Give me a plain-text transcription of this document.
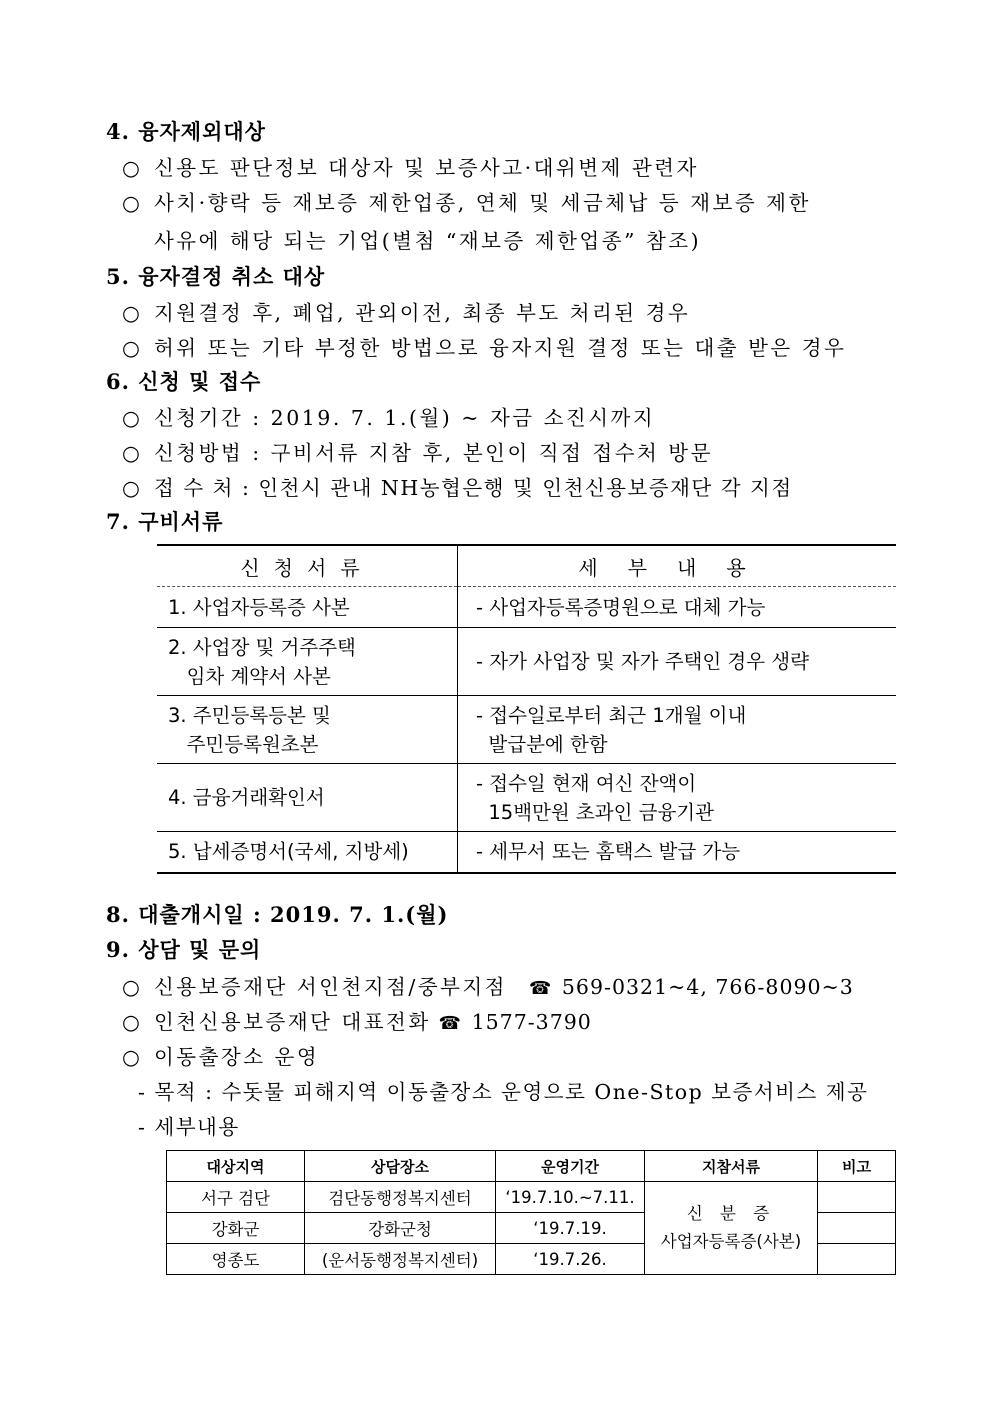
4. 융자제외대상
○ 신용도 판단정보 대상자 및 보증사고·대위변제 관련자
○ 사치·향락 등 재보증 제한업종, 연체 및 세금체납 등 재보증 제한
사유에 해당 되는 기업(별첨 “재보증 제한업종” 참조)
5. 융자결정 취소 대상
○ 지원결정 후, 폐업, 관외이전, 최종 부도 처리된 경우
○ 허위 또는 기타 부정한 방법으로 융자지원 결정 또는 대출 받은 경우
6. 신청 및 접수
○ 신청기간 : 2019. 7. 1.(월) ~ 자금 소진시까지
○ 신청방법 : 구비서류 지참 후, 본인이 직접 접수처 방문
○ 접 수 처 : 인천시 관내 NH농협은행 및 인천신용보증재단 각 지점
7. 구비서류
신청서류	세부내용
1. 사업자등록증 사본	- 사업자등록증명원으로 대체 가능
2. 사업장 및 거주주택
임차 계약서 사본	- 자가 사업장 및 자가 주택인 경우 생략
3. 주민등록등본 및
주민등록원초본	- 접수일로부터 최근 1개월 이내
발급분에 한함
4. 금융거래확인서	- 접수일 현재 여신 잔액이
15백만원 초과인 금융기관
5. 납세증명서(국세, 지방세)	- 세무서 또는 홈택스 발급 가능
8. 대출개시일 : 2019. 7. 1.(월)
9. 상담 및 문의
○ 신용보증재단 서인천지점/중부지점 ☎ 569-0321~4, 766-8090~3
○ 인천신용보증재단 대표전화 ☎ 1577-3790
○ 이동출장소 운영
- 목적 : 수돗물 피해지역 이동출장소 운영으로 One-Stop 보증서비스 제공
- 세부내용
대상지역	상담장소	운영기간	지참서류	비고
서구 검단	검단동행정복지센터	‘19.7.10.~7.11.	신 분 증
사업자등록증(사본)	

강화군	강화군청	‘19.7.19.		
영종도	(운서동행정복지센터)	‘19.7.26.		
